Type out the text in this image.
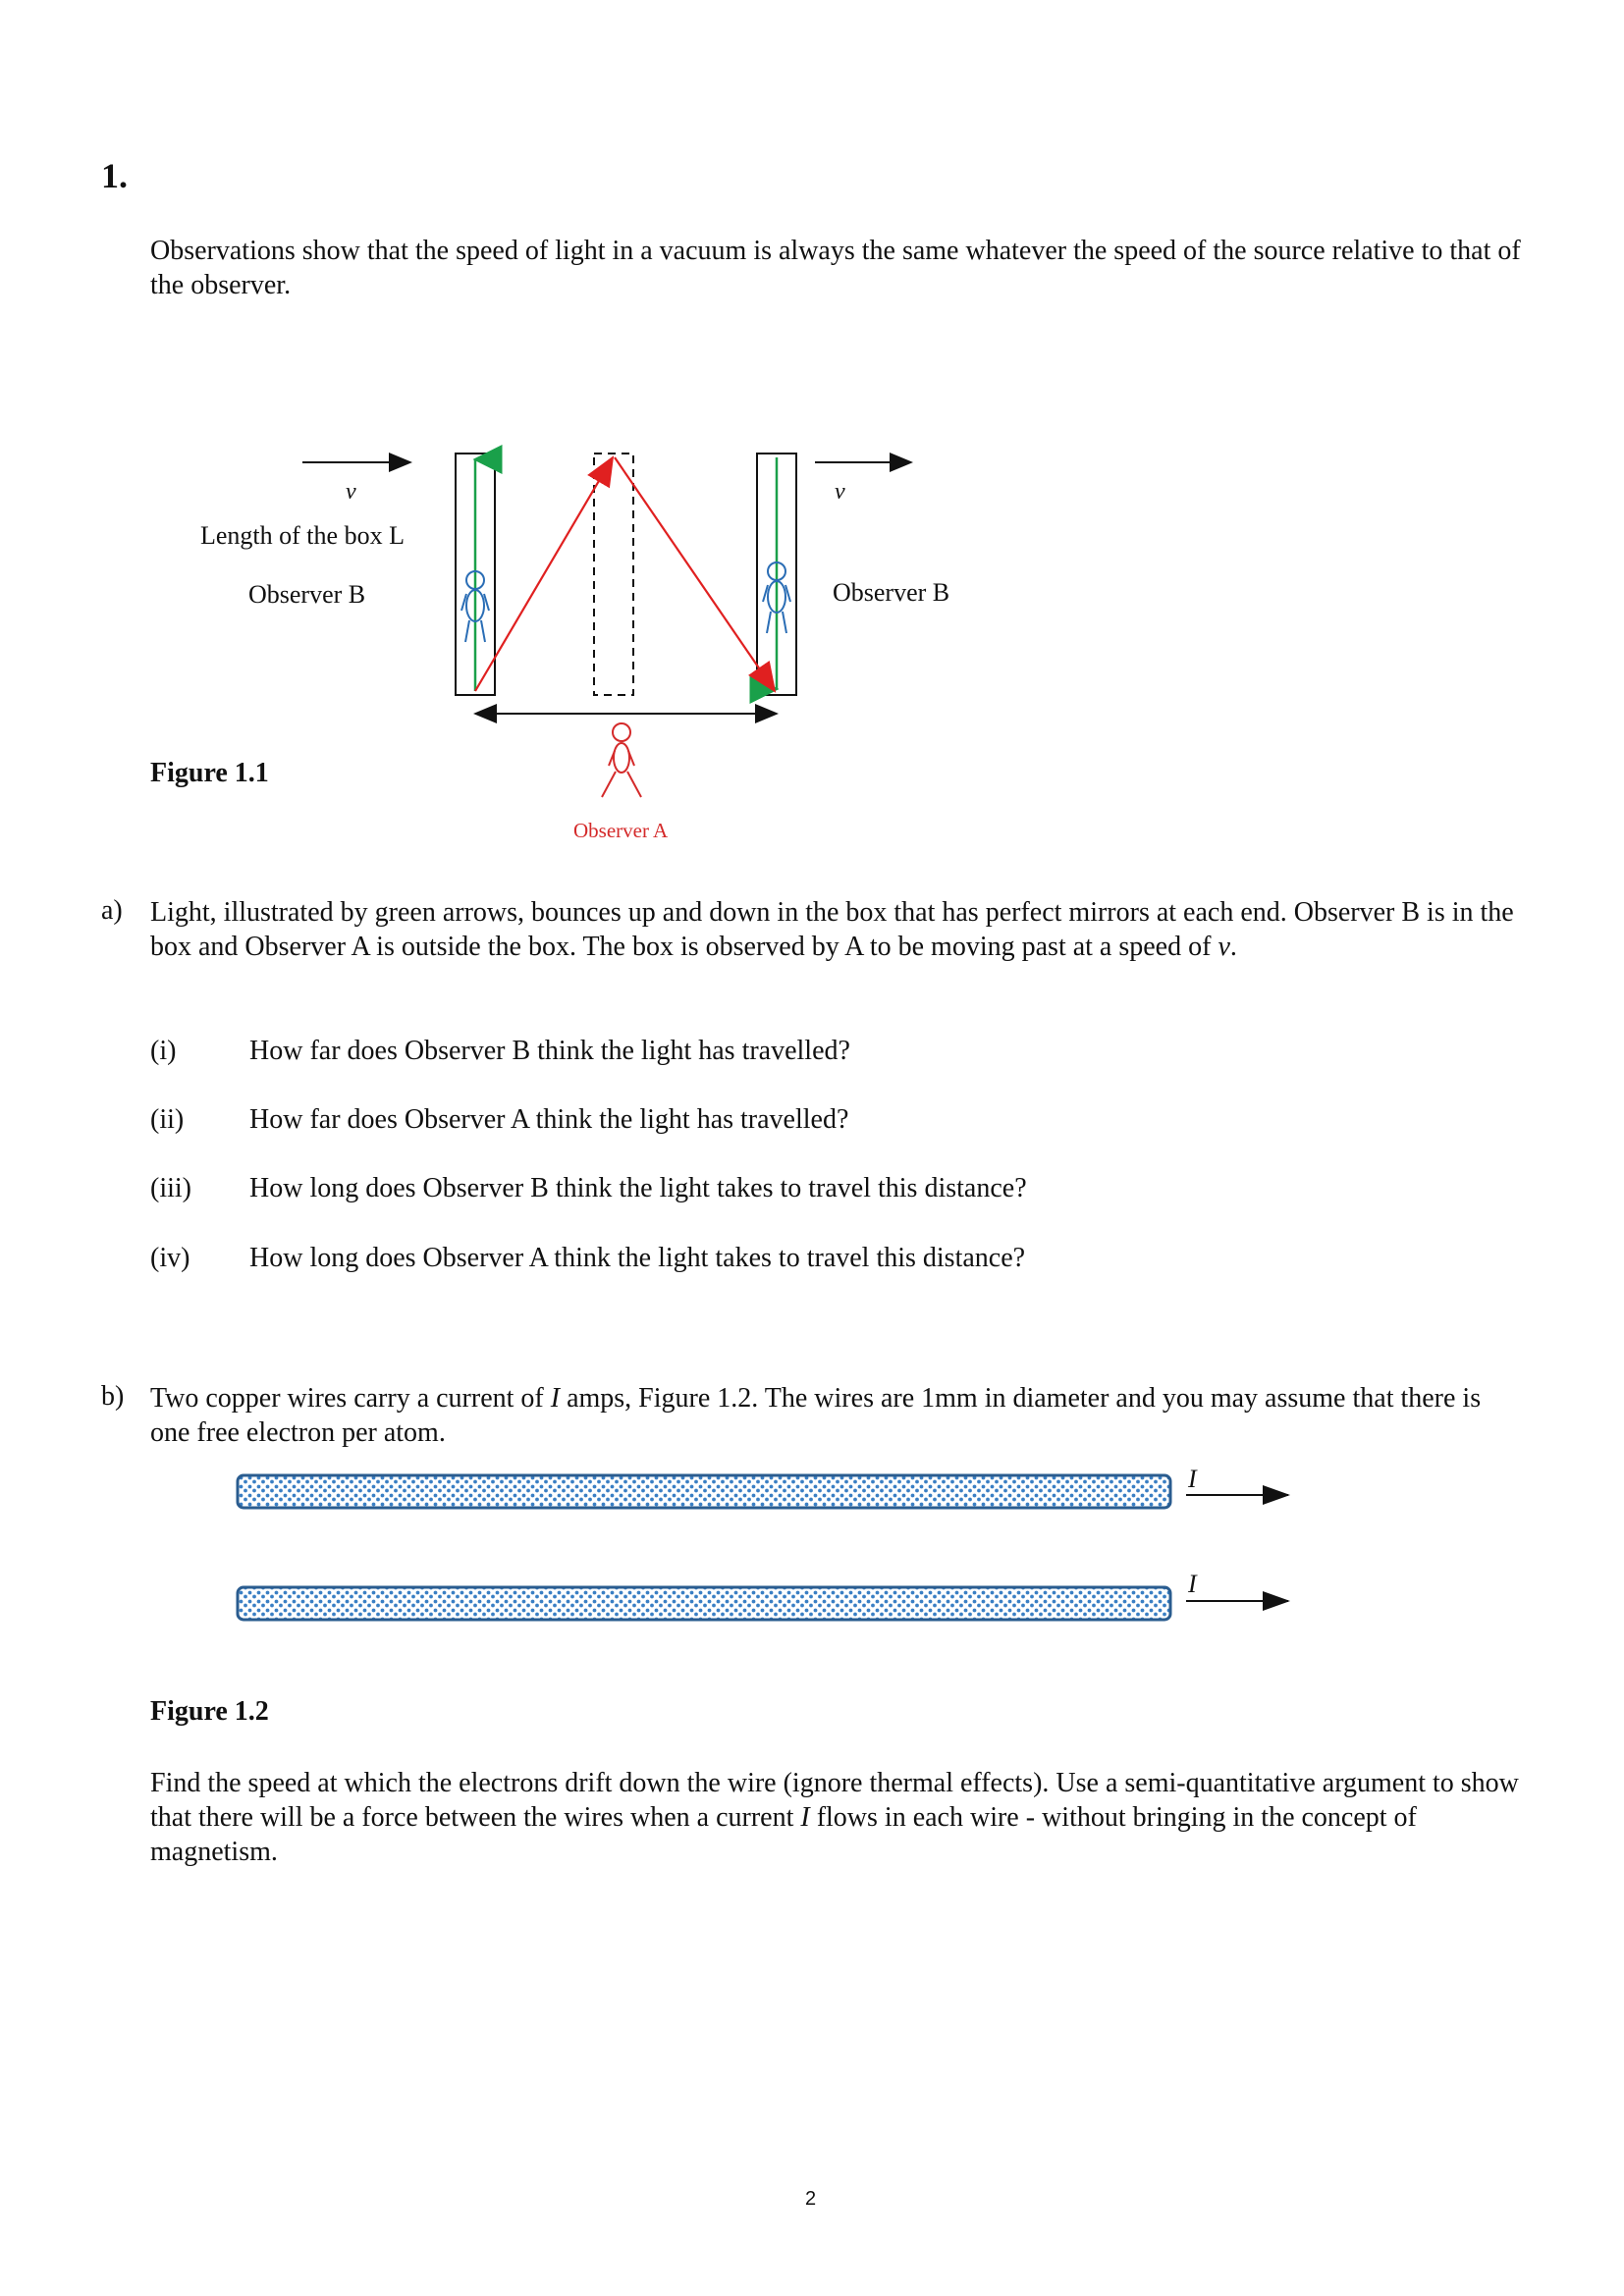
1.
Observations show that the speed of light in a vacuum is always the same whatever the speed of the source relative to that of the observer.
v	v
Length of the box L
Observer B	Observer B
Observer A
Figure 1.1
a) Light, illustrated by green arrows, bounces up and down in the box that has perfect mirrors at each end. Observer B is in the box and Observer A is outside the box. The box is observed by A to be moving past at a speed of v.
(i)	How far does Observer B think the light has travelled?
(ii) How far does Observer A think the light has travelled?
(iii) How long does Observer B think the light takes to travel this distance?
(iv) How long does Observer A think the light takes to travel this distance?
b) Two copper wires carry a current of I amps, Figure 1.2. The wires are 1mm in diameter and you may assume that there is one free electron per atom.
I
I
Figure 1.2
Find the speed at which the electrons drift down the wire (ignore thermal effects). Use a semi-quantitative argument to show that there will be a force between the wires when a current I flows in each wire - without bringing in the concept of magnetism.
2
